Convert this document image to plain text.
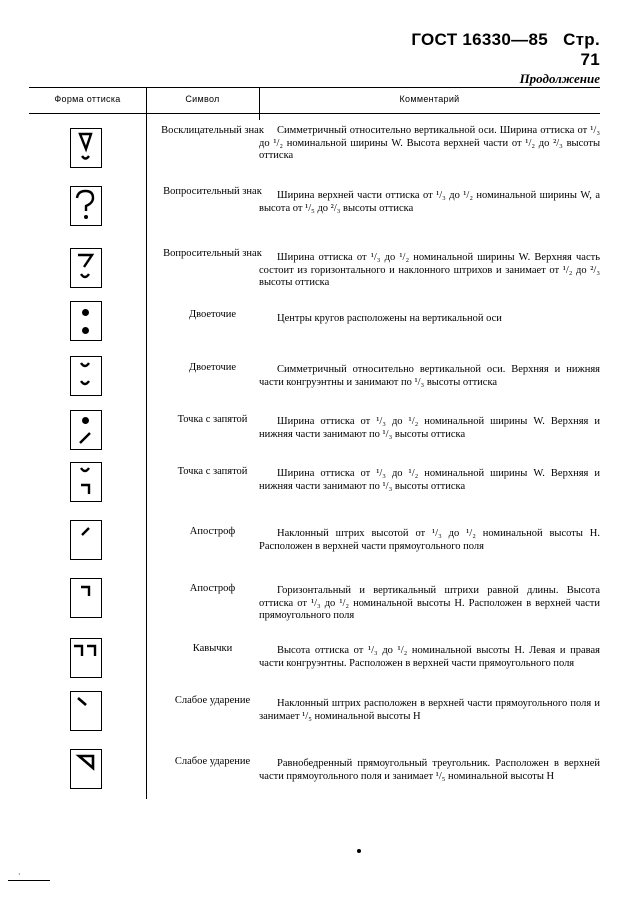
ГОСТ 16330—85 Стр. 71
Продолжение
Форма оттиска	Символ	Комментарий
Восклицательный знак	Симметричный относительно вертикальной оси. Ширина оттиска от ¹/₃ до ¹/₂ номинальной ширины W. Высота верхней части от ¹/₂ до ²/₃ высоты оттиска
Вопросительный знак	Ширина верхней части оттиска от ¹/₃ до ¹/₂ номинальной ширины W, а высота от ¹/₅ до ²/₃ высоты оттиска
Вопросительный знак	Ширина оттиска от ¹/₃ до ¹/₂ номинальной ширины W. Верхняя часть состоит из горизонтального и наклонного штрихов и занимает от ¹/₂ до ²/₃ высоты оттиска
Двоеточие	Центры кругов расположены на вертикальной оси
Двоеточие	Симметричный относительно вертикальной оси. Верхняя и нижняя части конгруэнтны и занимают по ¹/₃ высоты оттиска
Точка с запятой	Ширина оттиска от ¹/₃ до ¹/₂ номинальной ширины W. Верхняя и нижняя части занимают по ¹/₃ высоты оттиска
Точка с запятой	Ширина оттиска от ¹/₃ до ¹/₂ номинальной ширины W. Верхняя и нижняя части занимают по ¹/₃ высоты оттиска
Апостроф	Наклонный штрих высотой от ¹/₃ до ¹/₂ номинальной высоты H. Расположен в верхней части прямоугольного поля
Апостроф	Горизонтальный и вертикальный штрихи равной длины. Высота оттиска от ¹/₃ до ¹/₂ номинальной высоты H. Расположен в верхней части прямоугольного поля
Кавычки	Высота оттиска от ¹/₃ до ¹/₂ номинальной высоты H. Левая и правая части конгруэнтны. Расположен в верхней части прямоугольного поля
Слабое ударение	Наклонный штрих расположен в верхней части прямоугольного поля и занимает ¹/₅ номинальной высоты H
Слабое ударение	Равнобедренный прямоугольный треугольник. Расположен в верхней части прямоугольного поля и занимает ¹/₅ номинальной высоты H
·
